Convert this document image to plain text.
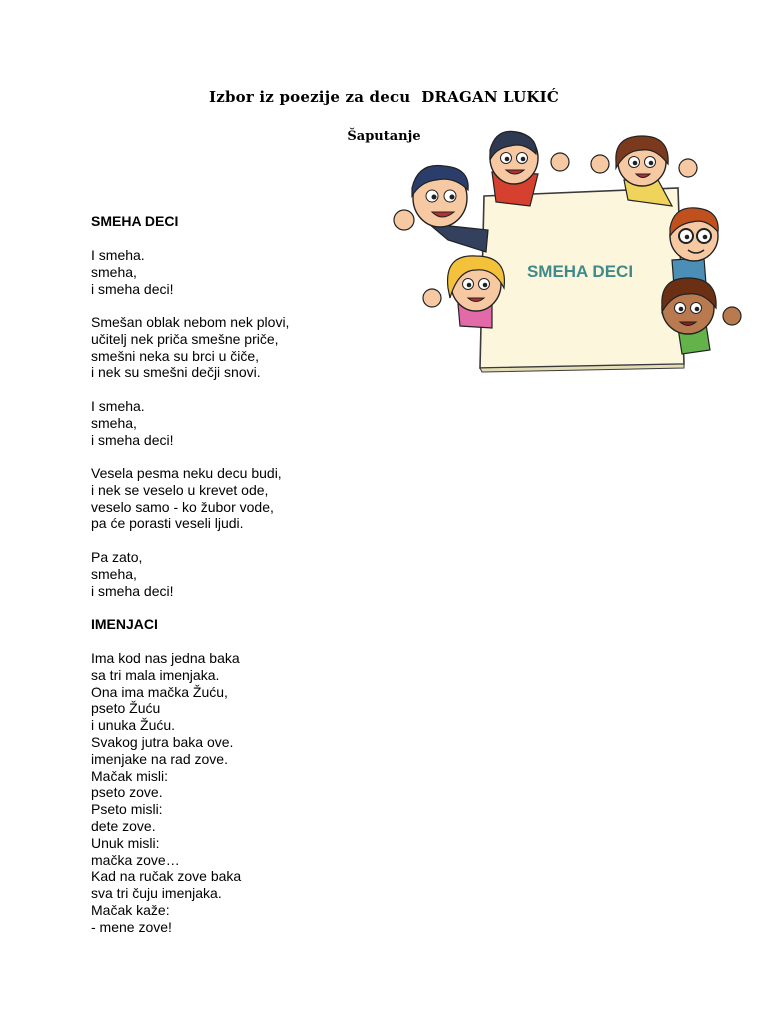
Izbor iz poezije za decu  DRAGAN LUKIĆ
Šaputanje
SMEHA DECI
SMEHA DECI
I smeha.
smeha,
i smeha deci!
Smešan oblak nebom nek plovi,
učitelj nek priča smešne priče,
smešni neka su brci u čiče,
i nek su smešni dečji snovi.
I smeha.
smeha,
i smeha deci!
Vesela pesma neku decu budi,
i nek se veselo u krevet ode,
veselo samo - ko žubor vode,
pa će porasti veseli ljudi.
Pa zato,
smeha,
i smeha deci!
IMENJACI
Ima kod nas jedna baka
sa tri mala imenjaka.
Ona ima mačka Žuću,
pseto Žuću
i unuka Žuću.
Svakog jutra baka ove.
imenjake na rad zove.
Mačak misli:
pseto zove.
Pseto misli:
dete zove.
Unuk misli:
mačka zove…
Kad na ručak zove baka
sva tri čuju imenjaka.
Mačak kaže:
- mene zove!
